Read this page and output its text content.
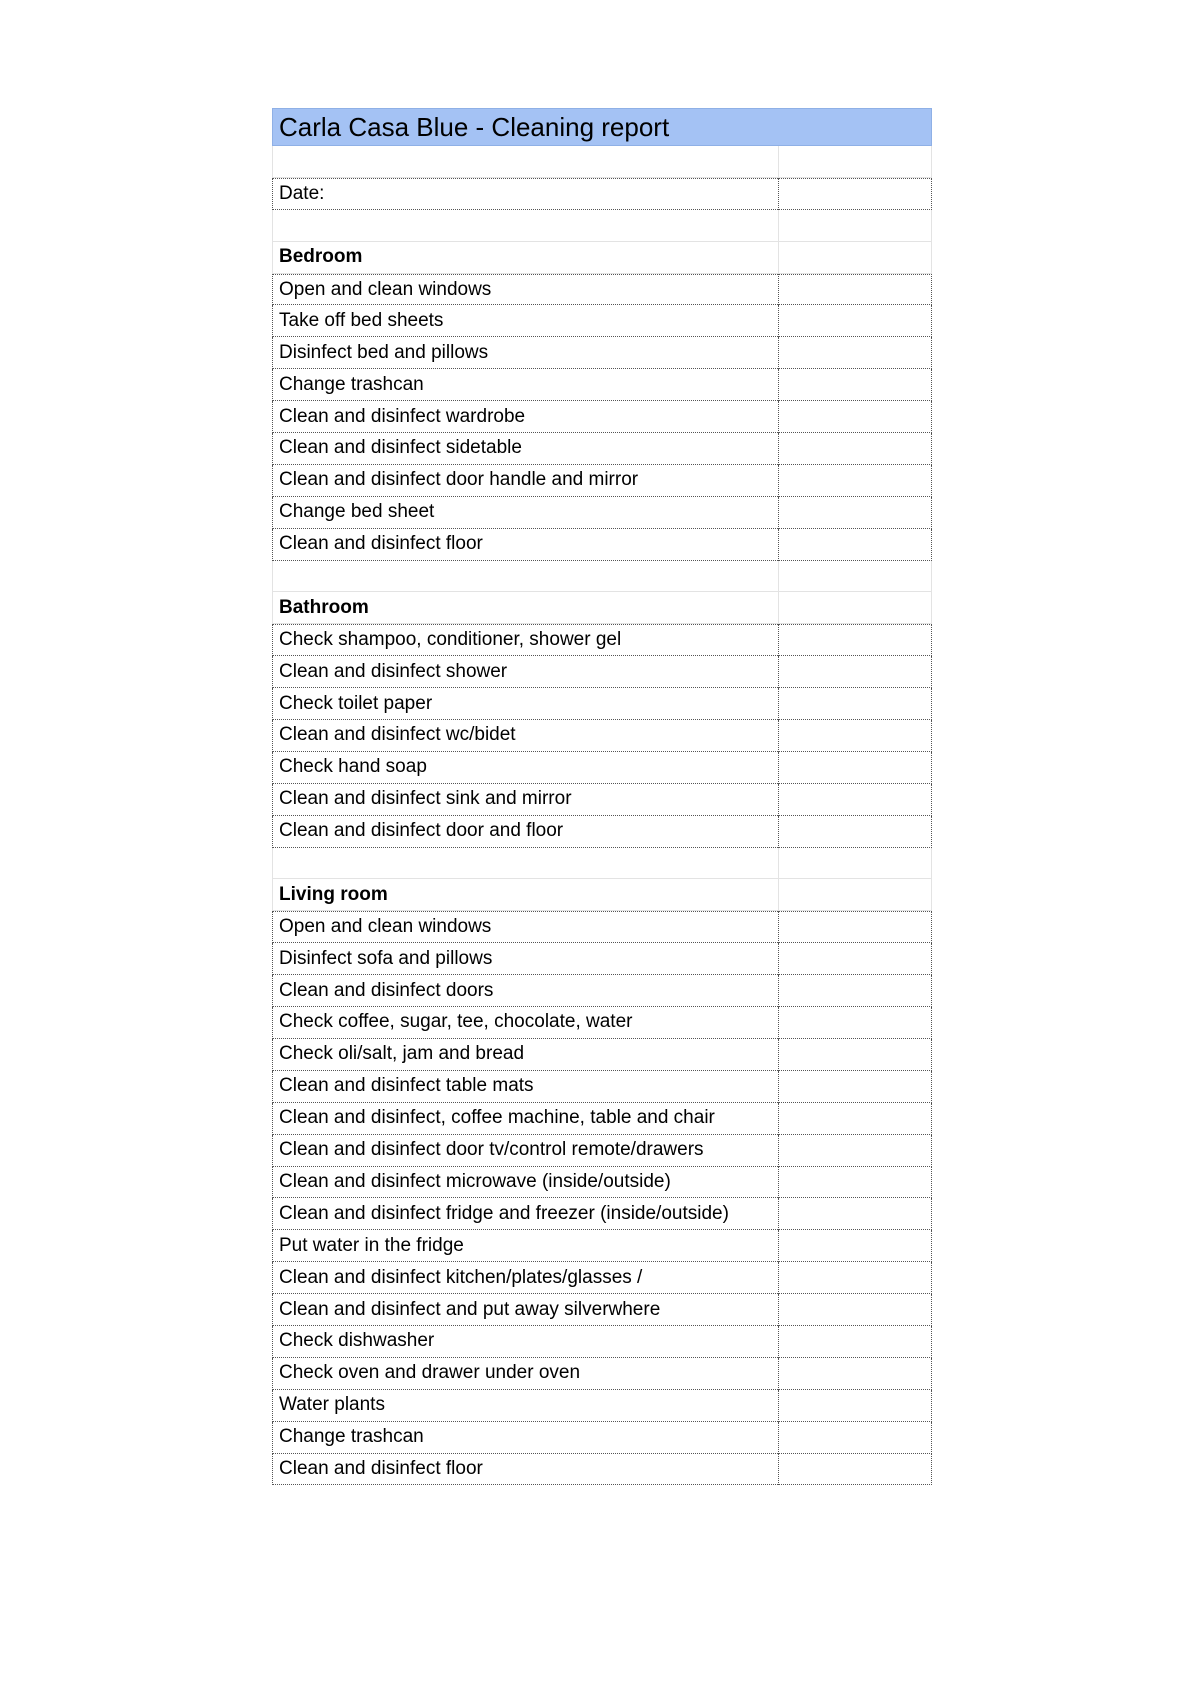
Carla Casa Blue - Cleaning report
Date:
Bedroom
Open and clean windows
Take off bed sheets
Disinfect bed and pillows
Change trashcan
Clean and disinfect wardrobe
Clean and disinfect sidetable
Clean and disinfect door handle and mirror
Change bed sheet
Clean and disinfect floor
Bathroom
Check shampoo, conditioner, shower gel
Clean and disinfect shower
Check toilet paper
Clean and disinfect wc/bidet
Check hand soap
Clean and disinfect sink and mirror
Clean and disinfect door and floor
Living room
Open and clean windows
Disinfect sofa and pillows
Clean and disinfect doors
Check coffee, sugar, tee, chocolate, water
Check oli/salt, jam and bread
Clean and disinfect table mats
Clean and disinfect, coffee machine, table and chair
Clean and disinfect door tv/control remote/drawers
Clean and disinfect microwave (inside/outside)
Clean and disinfect fridge and freezer (inside/outside)
Put water in the fridge
Clean and disinfect kitchen/plates/glasses /
Clean and disinfect and put away silverwhere
Check dishwasher
Check oven and drawer under oven
Water plants
Change trashcan
Clean and disinfect floor
